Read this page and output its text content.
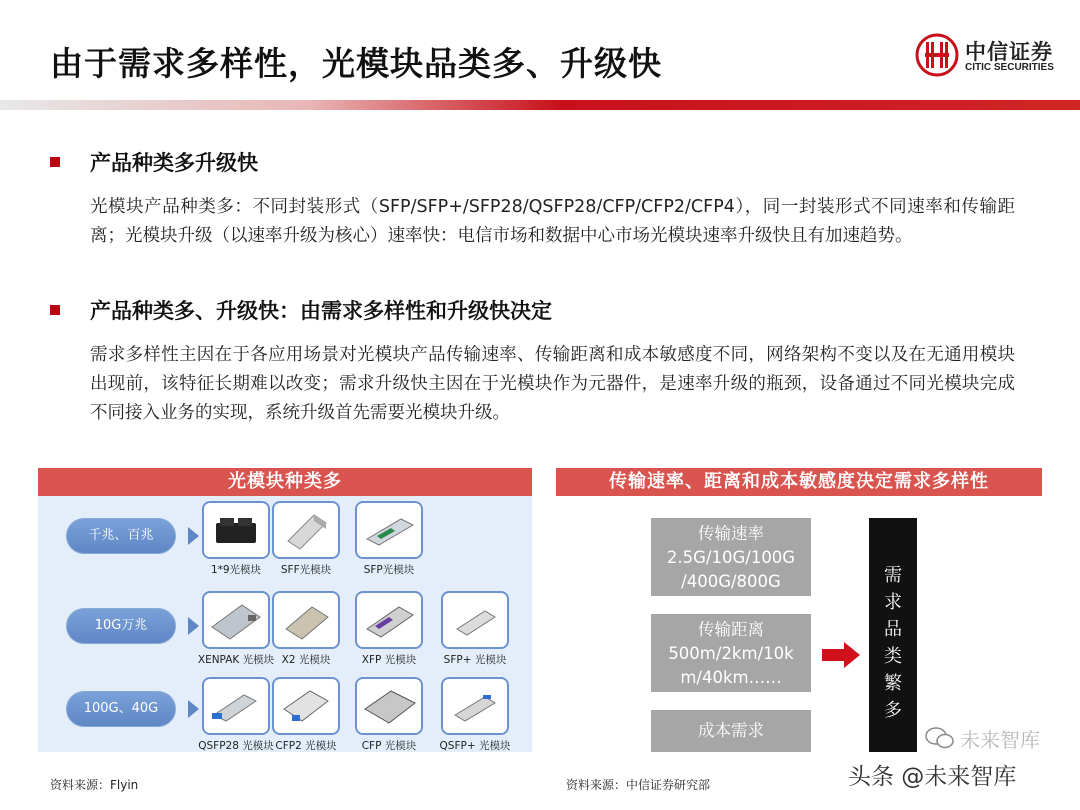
由于需求多样性，光模块品类多、升级快	中信证券
CITIC SECURITIES
产品种类多升级快
光模块产品种类多：不同封装形式（SFP/SFP+/SFP28/QSFP28/CFP/CFP2/CFP4），同一封装形式不同速率和传输距离；光模块升级（以速率升级为核心）速率快：电信市场和数据中心市场光模块速率升级快且有加速趋势。
产品种类多、升级快：由需求多样性和升级快决定
需求多样性主因在于各应用场景对光模块产品传输速率、传输距离和成本敏感度不同，网络架构不变以及在无通用模块出现前，该特征长期难以改变；需求升级快主因在于光模块作为元器件，是速率升级的瓶颈，设备通过不同光模块完成不同接入业务的实现，系统升级首先需要光模块升级。
光模块种类多
千兆、百兆
1*9光模块	SFF光模块	SFP光模块
10G万兆
XENPAK 光模块 X2 光模块	XFP 光模块	SFP+ 光模块
100G、40G
QSFP28 光模块 CFP2 光模块	CFP 光模块	QSFP+ 光模块
传输速率、距离和成本敏感度决定需求多样性
传输速率
2.5G/10G/100G
/400G/800G
传输距离
500m/2km/10k
m/40km……
成本需求
需
求
品
类
繁
多
资料来源：Flyin	资料来源：中信证券研究部
未来智库
头条 @未来智库
